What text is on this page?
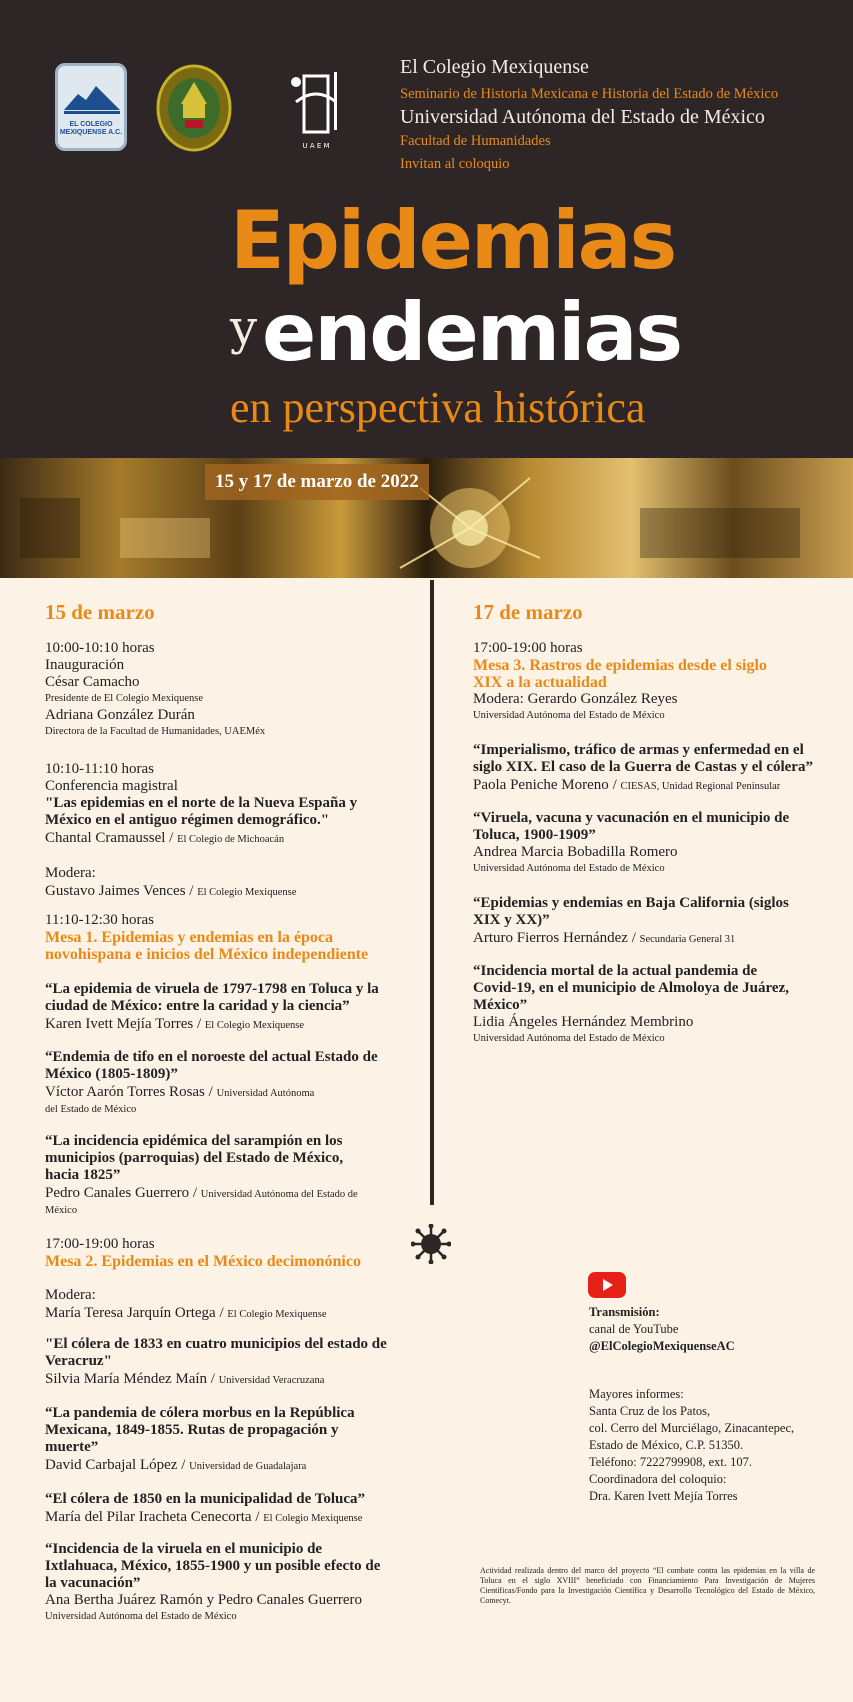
EL COLEGIO MEXIQUENSE A.C.
U A E M
El Colegio Mexiquense
Seminario de Historia Mexicana e Historia del Estado de México
Universidad Autónoma del Estado de México
Facultad de Humanidades
Invitan al coloquio
Epidemias
y endemias
en perspectiva histórica
15 y 17 de marzo de 2022
15 de marzo
10:00-10:10 horas
Inauguración
César Camacho
Presidente de El Colegio Mexiquense
Adriana González Durán
Directora de la Facultad de Humanidades, UAEMéx
10:10-11:10 horas
Conferencia magistral
"Las epidemias en el norte de la Nueva España y
México en el antiguo régimen demográfico."
Chantal Cramaussel / El Colegio de Michoacán
Modera:
Gustavo Jaimes Vences / El Colegio Mexiquense
11:10-12:30 horas
Mesa 1. Epidemias y endemias en la época
novohispana e inicios del México independiente
“La epidemia de viruela de 1797-1798 en Toluca y la
ciudad de México: entre la caridad y la ciencia”
Karen Ivett Mejía Torres / El Colegio Mexiquense
“Endemia de tifo en el noroeste del actual Estado de
México (1805-1809)”
Víctor Aarón Torres Rosas / Universidad Autónoma
del Estado de México
“La incidencia epidémica del sarampión en los
municipios (parroquias) del Estado de México,
hacia 1825”
Pedro Canales Guerrero / Universidad Autónoma del Estado de
México
17:00-19:00 horas
Mesa 2. Epidemias en el México decimonónico
Modera:
María Teresa Jarquín Ortega / El Colegio Mexiquense
"El cólera de 1833 en cuatro municipios del estado de
Veracruz"
Silvia María Méndez Maín / Universidad Veracruzana
“La pandemia de cólera morbus en la República
Mexicana, 1849-1855. Rutas de propagación y
muerte”
David Carbajal López / Universidad de Guadalajara
“El cólera de 1850 en la municipalidad de Toluca”
María del Pilar Iracheta Cenecorta / El Colegio Mexiquense
“Incidencia de la viruela en el municipio de
Ixtlahuaca, México, 1855-1900 y un posible efecto de
la vacunación”
Ana Bertha Juárez Ramón y Pedro Canales Guerrero
Universidad Autónoma del Estado de México
17 de marzo
17:00-19:00 horas
Mesa 3. Rastros de epidemias desde el siglo
XIX a la actualidad
Modera: Gerardo González Reyes
Universidad Autónoma del Estado de México
“Imperialismo, tráfico de armas y enfermedad en el
siglo XIX. El caso de la Guerra de Castas y el cólera”
Paola Peniche Moreno / CIESAS, Unidad Regional Peninsular
“Viruela, vacuna y vacunación en el municipio de
Toluca, 1900-1909”
Andrea Marcia Bobadilla Romero
Universidad Autónoma del Estado de México
“Epidemias y endemias en Baja California (siglos
XIX y XX)”
Arturo Fierros Hernández / Secundaria General 31
“Incidencia mortal de la actual pandemia de
Covid-19, en el municipio de Almoloya de Juárez,
México”
Lidia Ángeles Hernández Membrino
Universidad Autónoma del Estado de México
Transmisión:
canal de YouTube
@ElColegioMexiquenseAC
Mayores informes:
Santa Cruz de los Patos,
col. Cerro del Murciélago, Zinacantepec,
Estado de México, C.P. 51350.
Teléfono: 7222799908, ext. 107.
Coordinadora del coloquio:
Dra. Karen Ivett Mejía Torres
Actividad realizada dentro del marco del proyecto “El combate contra las epidemias en la villa de Toluca en el siglo XVIII” beneficiado con Financiamiento Para Investigación de Mujeres Científicas/Fondo para la Investigación Científica y Desarrollo Tecnológico del Estado de México, Comecyt.
